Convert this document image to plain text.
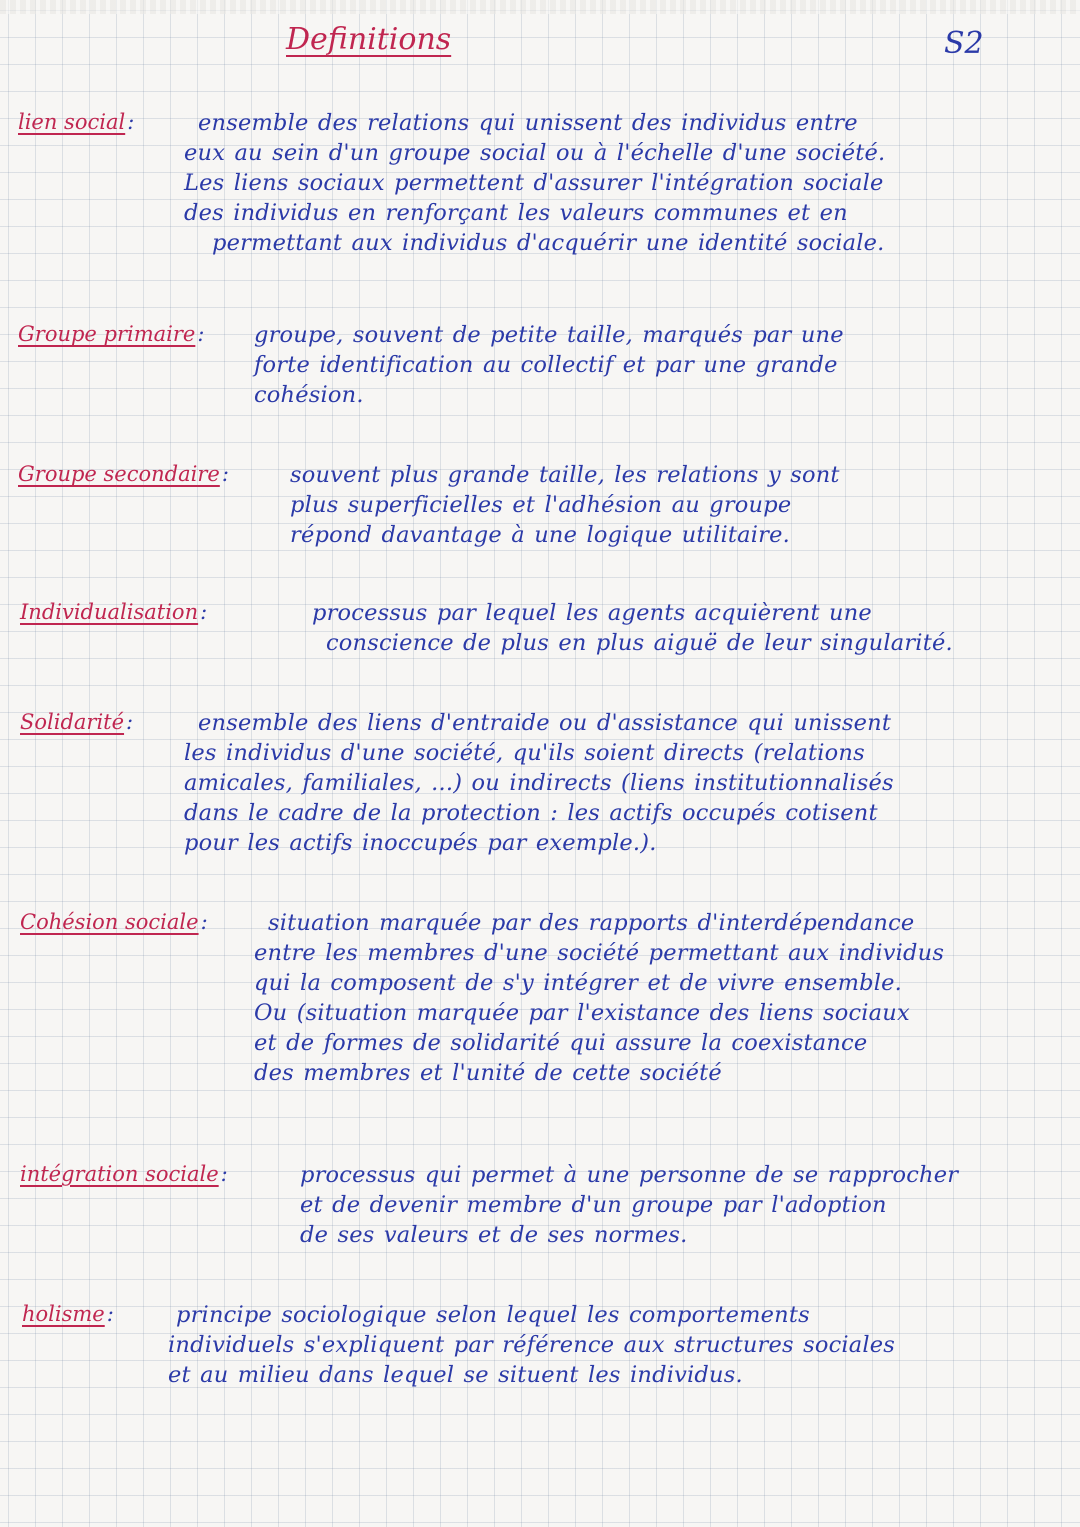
Definitions	S2
lien social:	ensemble des relations qui unissent des individus entre
eux au sein d'un groupe social ou à l'échelle d'une société.
Les liens sociaux permettent d'assurer l'intégration sociale
des individus en renforçant les valeurs communes et en
permettant aux individus d'acquérir une identité sociale.
Groupe primaire: groupe, souvent de petite taille, marqués par une
forte identification au collectif et par une grande
cohésion.
Groupe secondaire:	souvent plus grande taille, les relations y sont
plus superficielles et l'adhésion au groupe
répond davantage à une logique utilitaire.
Individualisation:	processus par lequel les agents acquièrent une
conscience de plus en plus aiguë de leur singularité.
Solidarité:	ensemble des liens d'entraide ou d'assistance qui unissent
les individus d'une société, qu'ils soient directs (relations
amicales, familiales, ...) ou indirects (liens institutionnalisés
dans le cadre de la protection : les actifs occupés cotisent
pour les actifs inoccupés par exemple.).
Cohésion sociale:	situation marquée par des rapports d'interdépendance
entre les membres d'une société permettant aux individus
qui la composent de s'y intégrer et de vivre ensemble.
Ou (situation marquée par l'existance des liens sociaux
et de formes de solidarité qui assure la coexistance
des membres et l'unité de cette société
intégration sociale:	processus qui permet à une personne de se rapprocher
et de devenir membre d'un groupe par l'adoption
de ses valeurs et de ses normes.
holisme:	principe sociologique selon lequel les comportements
individuels s'expliquent par référence aux structures sociales
et au milieu dans lequel se situent les individus.
